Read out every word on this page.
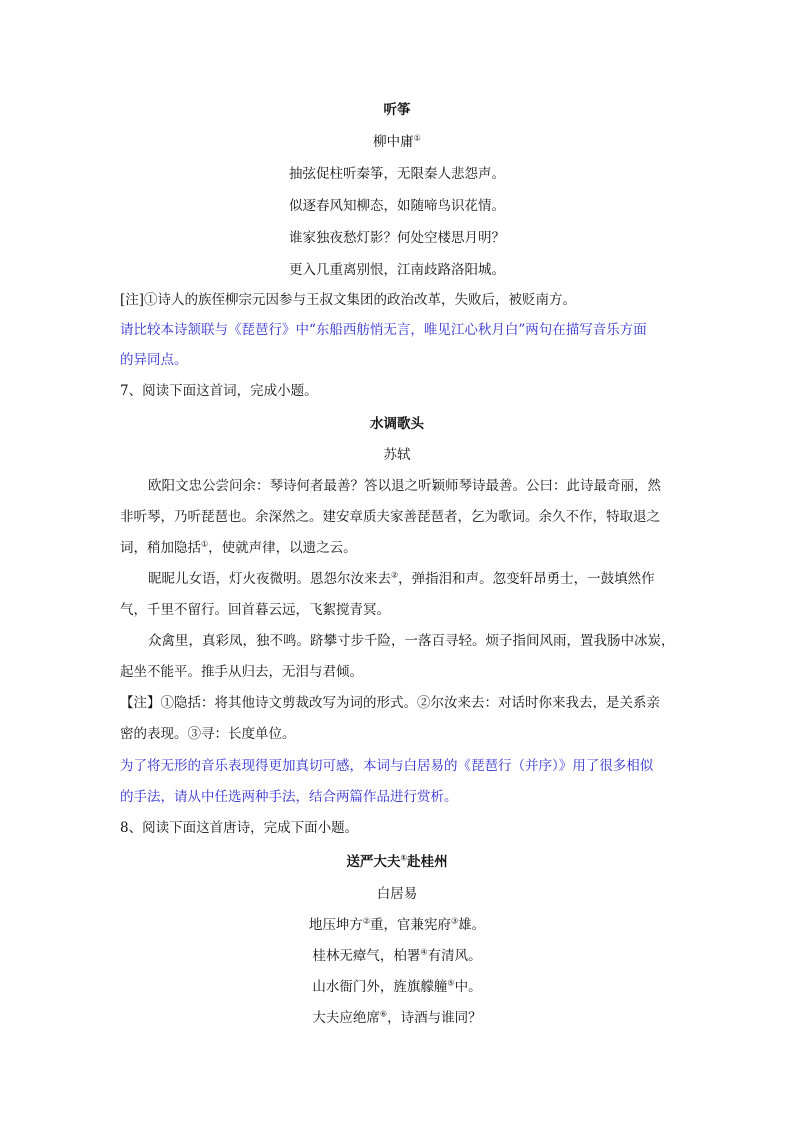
听筝
柳中庸①
抽弦促柱听秦筝，无限秦人悲怨声。
似逐春风知柳态，如随啼鸟识花情。
谁家独夜愁灯影？何处空楼思月明？
更入几重离别恨，江南歧路洛阳城。
[注]①诗人的族侄柳宗元因参与王叔文集团的政治改革，失败后，被贬南方。
请比较本诗颔联与《琵琶行》中“东船西舫悄无言，唯见江心秋月白”两句在描写音乐方面
的异同点。
7、阅读下面这首词，完成小题。
水调歌头
苏轼
欧阳文忠公尝问余：琴诗何者最善？答以退之听颖师琴诗最善。公曰：此诗最奇丽，然
非听琴，乃听琵琶也。余深然之。建安章质夫家善琵琶者，乞为歌词。余久不作，特取退之
词，稍加隐括①，使就声律，以遗之云。
昵昵儿女语，灯火夜微明。恩怨尔汝来去②，弹指泪和声。忽变轩昂勇士，一鼓填然作
气，千里不留行。回首暮云远，飞絮搅青冥。
众禽里，真彩凤，独不鸣。跻攀寸步千险，一落百寻轻。烦子指间风雨，置我肠中冰炭，
起坐不能平。推手从归去，无泪与君倾。
【注】①隐括：将其他诗文剪裁改写为词的形式。②尔汝来去：对话时你来我去，是关系亲
密的表现。③寻：长度单位。
为了将无形的音乐表现得更加真切可感，本词与白居易的《琵琶行（并序）》用了很多相似
的手法，请从中任选两种手法，结合两篇作品进行赏析。
8、阅读下面这首唐诗，完成下面小题。
送严大夫①赴桂州
白居易
地压坤方②重，官兼宪府③雄。
桂林无瘴气，柏署④有清风。
山水衙门外，旌旗艨艟⑤中。
大夫应绝席⑥，诗酒与谁同？
